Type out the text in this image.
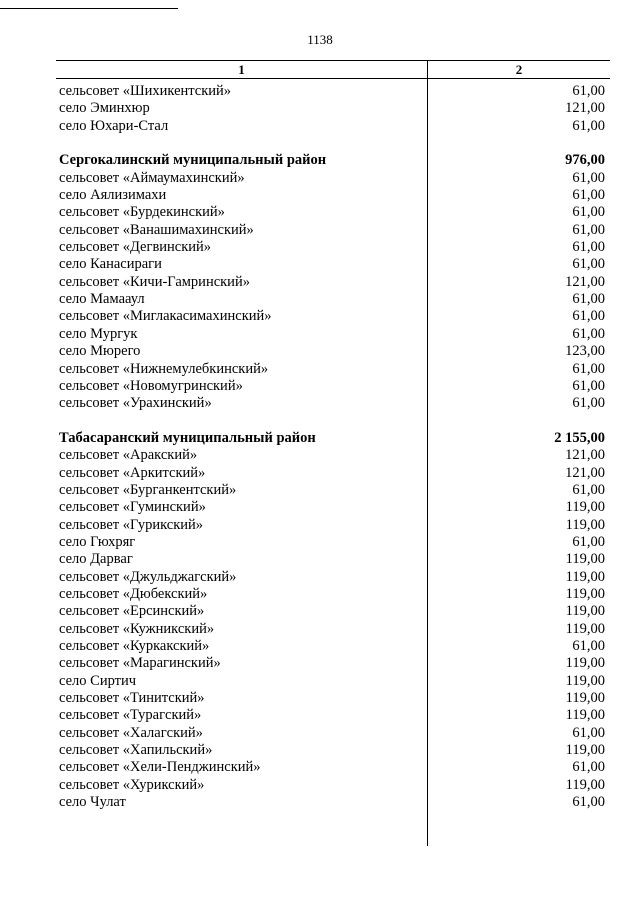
1138
1	2
сельсовет «Шихикентский»	61,00
село Эминхюр	121,00
село Юхари-Стал	61,00
Сергокалинский муниципальный район	976,00
сельсовет «Аймаумахинский»	61,00
село Аялизимахи	61,00
сельсовет «Бурдекинский»	61,00
сельсовет «Ванашимахинский»	61,00
сельсовет «Дегвинский»	61,00
село Канасираги	61,00
сельсовет «Кичи-Гамринский»	121,00
село Мамааул	61,00
сельсовет «Миглакасимахинский»	61,00
село Мургук	61,00
село Мюрего	123,00
сельсовет «Нижнемулебкинский»	61,00
сельсовет «Новомугринский»	61,00
сельсовет «Урахинский»	61,00
Табасаранский муниципальный район	2 155,00
сельсовет «Аракский»	121,00
сельсовет «Аркитский»	121,00
сельсовет «Бурганкентский»	61,00
сельсовет «Гуминский»	119,00
сельсовет «Гурикский»	119,00
село Гюхряг	61,00
село Дарваг	119,00
сельсовет «Джульджагский»	119,00
сельсовет «Дюбекский»	119,00
сельсовет «Ерсинский»	119,00
сельсовет «Кужникский»	119,00
сельсовет «Куркакский»	61,00
сельсовет «Марагинский»	119,00
село Сиртич	119,00
сельсовет «Тинитский»	119,00
сельсовет «Турагский»	119,00
сельсовет «Халагский»	61,00
сельсовет «Хапильский»	119,00
сельсовет «Хели-Пенджинский»	61,00
сельсовет «Хурикский»	119,00
село Чулат	61,00
